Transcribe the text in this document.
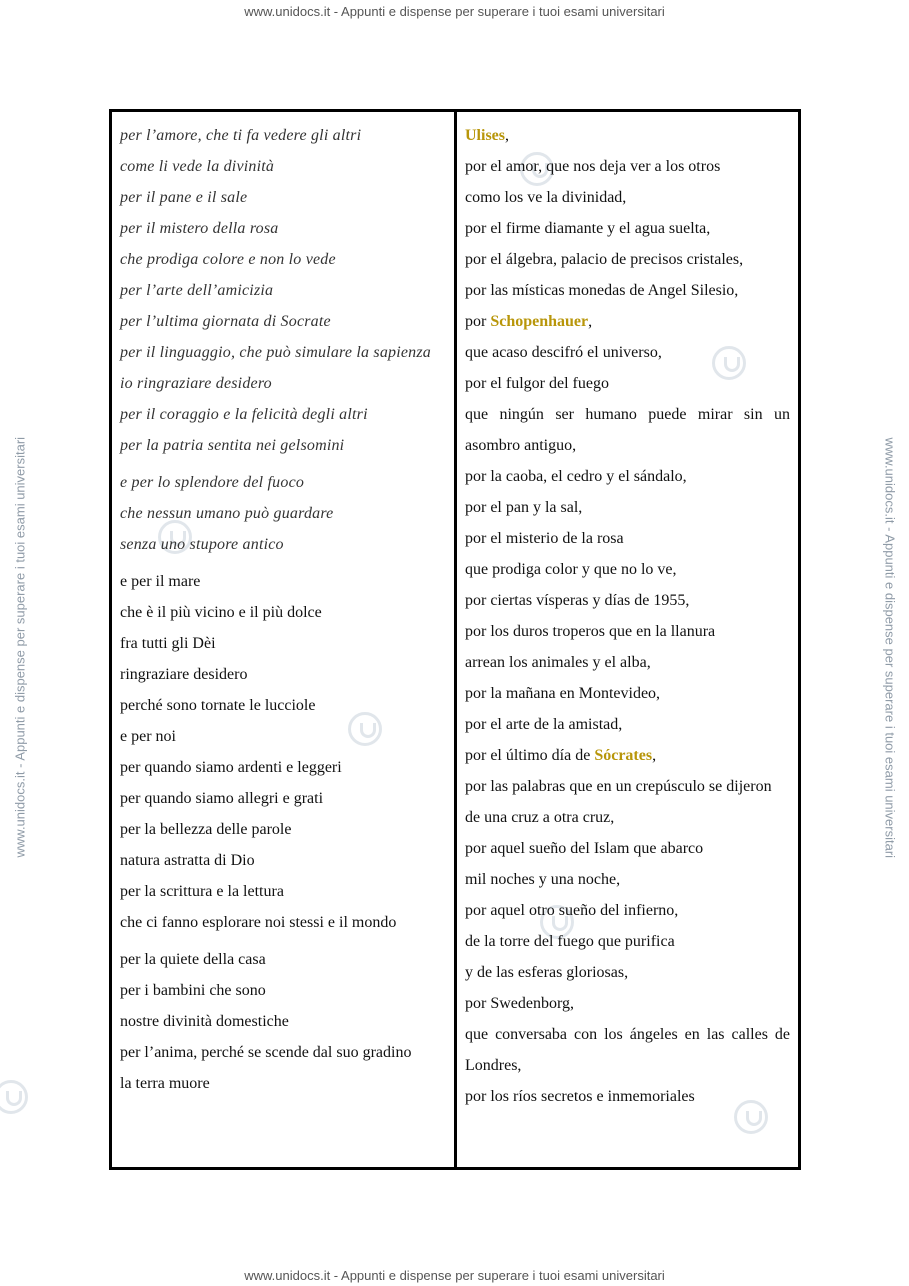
www.unidocs.it - Appunti e dispense per superare i tuoi esami universitari
www.unidocs.it - Appunti e dispense per superare i tuoi esami universitari	www.unidocs.it - Appunti e dispense per superare i tuoi esami universitari
www.unidocs.it - Appunti e dispense per superare i tuoi esami universitari
per l’amore, che ti fa vedere gli altri
come li vede la divinità
per il pane e il sale
per il mistero della rosa
che prodiga colore e non lo vede
per l’arte dell’amicizia
per l’ultima giornata di Socrate
per il linguaggio, che può simulare la sapienza
io ringraziare desidero
per il coraggio e la felicità degli altri
per la patria sentita nei gelsomini
e per lo splendore del fuoco
che nessun umano può guardare
senza uno stupore antico
e per il mare
che è il più vicino e il più dolce
fra tutti gli Dèi
ringraziare desidero
perché sono tornate le lucciole
e per noi
per quando siamo ardenti e leggeri
per quando siamo allegri e grati
per la bellezza delle parole
natura astratta di Dio
per la scrittura e la lettura
che ci fanno esplorare noi stessi e il mondo
per la quiete della casa
per i bambini che sono
nostre divinità domestiche
per l’anima, perché se scende dal suo gradino
la terra muore
Ulises,
por el amor, que nos deja ver a los otros
como los ve la divinidad,
por el firme diamante y el agua suelta,
por el álgebra, palacio de precisos cristales,
por las místicas monedas de Angel Silesio,
por Schopenhauer,
que acaso descifró el universo,
por el fulgor del fuego
que ningún ser humano puede mirar sin un asombro antiguo,
por la caoba, el cedro y el sándalo,
por el pan y la sal,
por el misterio de la rosa
que prodiga color y que no lo ve,
por ciertas vísperas y días de 1955,
por los duros troperos que en la llanura
arrean los animales y el alba,
por la mañana en Montevideo,
por el arte de la amistad,
por el último día de Sócrates,
por las palabras que en un crepúsculo se dijeron
de una cruz a otra cruz,
por aquel sueño del Islam que abarco
mil noches y una noche,
por aquel otro sueño del infierno,
de la torre del fuego que purifica
y de las esferas gloriosas,
por Swedenborg,
que conversaba con los ángeles en las calles de Londres,
por los ríos secretos e inmemoriales
